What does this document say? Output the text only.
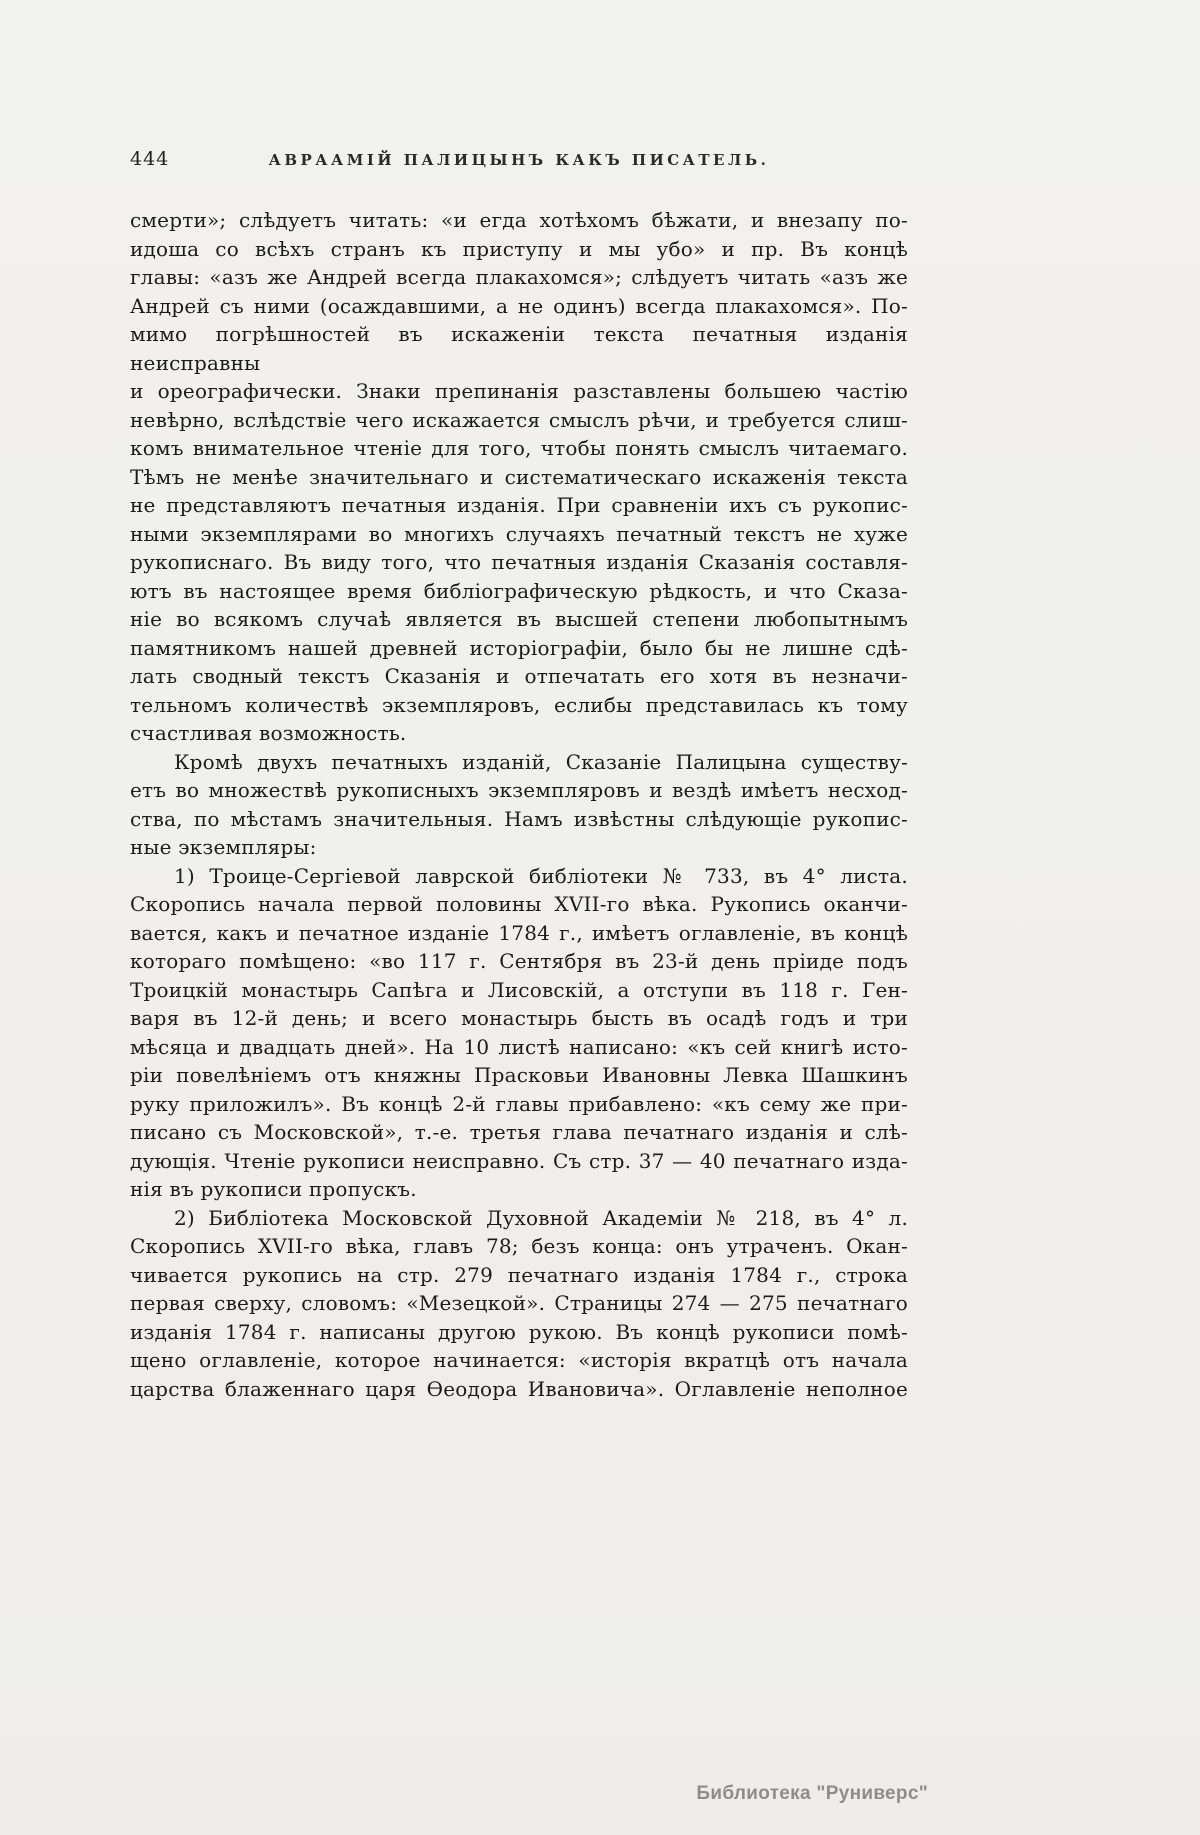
444	АВРААМІЙ ПАЛИЦЫНЪ КАКЪ ПИСАТЕЛЬ.
смерти»; слѣдуетъ читать: «и егда хотѣхомъ бѣжати, и внезапу по-
идоша со всѣхъ странъ къ приступу и мы убо» и пр. Въ концѣ
главы: «азъ же Андрей всегда плакахомся»; слѣдуетъ читать «азъ же
Андрей съ ними (осаждавшими, а не одинъ) всегда плакахомся». По-
мимо погрѣшностей въ искаженіи текста печатныя изданія неисправны
и ореографически. Знаки препинанія разставлены большею частію
невѣрно, вслѣдствіе чего искажается смыслъ рѣчи, и требуется слиш-
комъ внимательное чтеніе для того, чтобы понять смыслъ читаемаго.
Тѣмъ не менѣе значительнаго и систематическаго искаженія текста
не представляютъ печатныя изданія. При сравненіи ихъ съ рукопис-
ными экземплярами во многихъ случаяхъ печатный текстъ не хуже
рукописнаго. Въ виду того, что печатныя изданія Сказанія составля-
ютъ въ настоящее время библіографическую рѣдкость, и что Сказа-
ніе во всякомъ случаѣ является въ высшей степени любопытнымъ
памятникомъ нашей древней исторіографіи, было бы не лишне сдѣ-
лать сводный текстъ Сказанія и отпечатать его хотя въ незначи-
тельномъ количествѣ экземпляровъ, еслибы представилась къ тому
счастливая возможность.
Кромѣ двухъ печатныхъ изданій, Сказаніе Палицына существу-
етъ во множествѣ рукописныхъ экземпляровъ и вездѣ имѣетъ несход-
ства, по мѣстамъ значительныя. Намъ извѣстны слѣдующіе рукопис-
ные экземпляры:
1) Троице-Сергіевой лаврской библіотеки № 733, въ 4° листа.
Скоропись начала первой половины XVII-го вѣка. Рукопись оканчи-
вается, какъ и печатное изданіе 1784 г., имѣетъ оглавленіе, въ концѣ
котораго помѣщено: «во 117 г. Сентября въ 23-й день пріиде подъ
Троицкій монастырь Сапѣга и Лисовскій, а отступи въ 118 г. Ген-
варя въ 12-й день; и всего монастырь бысть въ осадѣ годъ и три
мѣсяца и двадцать дней». На 10 листѣ написано: «къ сей книгѣ исто-
ріи повелѣніемъ отъ княжны Прасковьи Ивановны Левка Шашкинъ
руку приложилъ». Въ концѣ 2-й главы прибавлено: «къ сему же при-
писано съ Московской», т.-е. третья глава печатнаго изданія и слѣ-
дующія. Чтеніе рукописи неисправно. Съ стр. 37 — 40 печатнаго изда-
нія въ рукописи пропускъ.
2) Библіотека Московской Духовной Академіи № 218, въ 4° л.
Скоропись XVII-го вѣка, главъ 78; безъ конца: онъ утраченъ. Окан-
чивается рукопись на стр. 279 печатнаго изданія 1784 г., строка
первая сверху, словомъ: «Мезецкой». Страницы 274 — 275 печатнаго
изданія 1784 г. написаны другою рукою. Въ концѣ рукописи помѣ-
щено оглавленіе, которое начинается: «исторія вкратцѣ отъ начала
царства блаженнаго царя Ѳеодора Ивановича». Оглавленіе неполное
Библиотека "Руниверс"
